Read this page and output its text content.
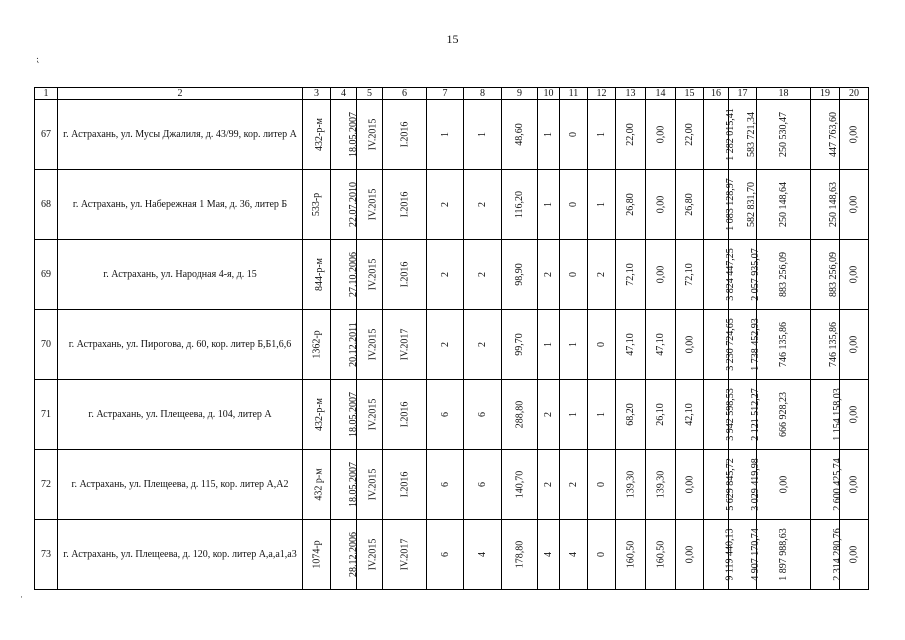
15
⁏
·
1	2	3	4	5	6	7	8	9	10	11	12	13	14	15	16	17	18	19	20
67	г. Астрахань, ул. Мусы Джалиля, д. 43/99, кор. литер А	432-р-м	18.05.2007	IV.2015	I.2016	1	1	48,60	1	0	1	22,00	0,00	22,00	1 282 015,41	583 721,34	250 530,47	447 763,60	0,00
68	г. Астрахань, ул. Набережная 1 Мая, д. 36, литер Б	533-р	22.07.2010	IV.2015	I.2016	2	2	116,20	1	0	1	26,80	0,00	26,80	1 083 128,97	582 831,70	250 148,64	250 148,63	0,00
69	г. Астрахань, ул. Народная 4-я, д. 15	844-р-м	27.10.2006	IV.2015	I.2016	2	2	98,90	2	0	2	72,10	0,00	72,10	3 824 447,25	2 057 935,07	883 256,09	883 256,09	0,00
70	г. Астрахань, ул. Пирогова, д. 60, кор. литер Б,Б1,6,6	1362-р	20.12.2011	IV.2015	IV.2017	2	2	99,70	1	1	0	47,10	47,10	0,00	3 230 724,65	1 738 452,93	746 135,86	746 135,86	0,00
71	г. Астрахань, ул. Плещеева, д. 104, литер А	432-р-м	18.05.2007	IV.2015	I.2016	6	6	288,80	2	1	1	68,20	26,10	42,10	3 942 598,53	2 121 512,27	666 928,23	1 154 158,03	0,00
72	г. Астрахань, ул. Плещеева, д. 115, кор. литер А,А2	432 р-м	18.05.2007	IV.2015	I.2016	6	6	140,70	2	2	0	139,30	139,30	0,00	5 629 845,72	3 029 419,98	0,00	2 600 425,74	0,00
73	г. Астрахань, ул. Плещеева, д. 120, кор. литер А,а,а1,а3	1074-р	28.12.2006	IV.2015	IV.2017	6	4	178,80	4	4	0	160,50	160,50	0,00	9 119 440,13	4 907 170,74	1 897 988,63	2 314 280,76	0,00
